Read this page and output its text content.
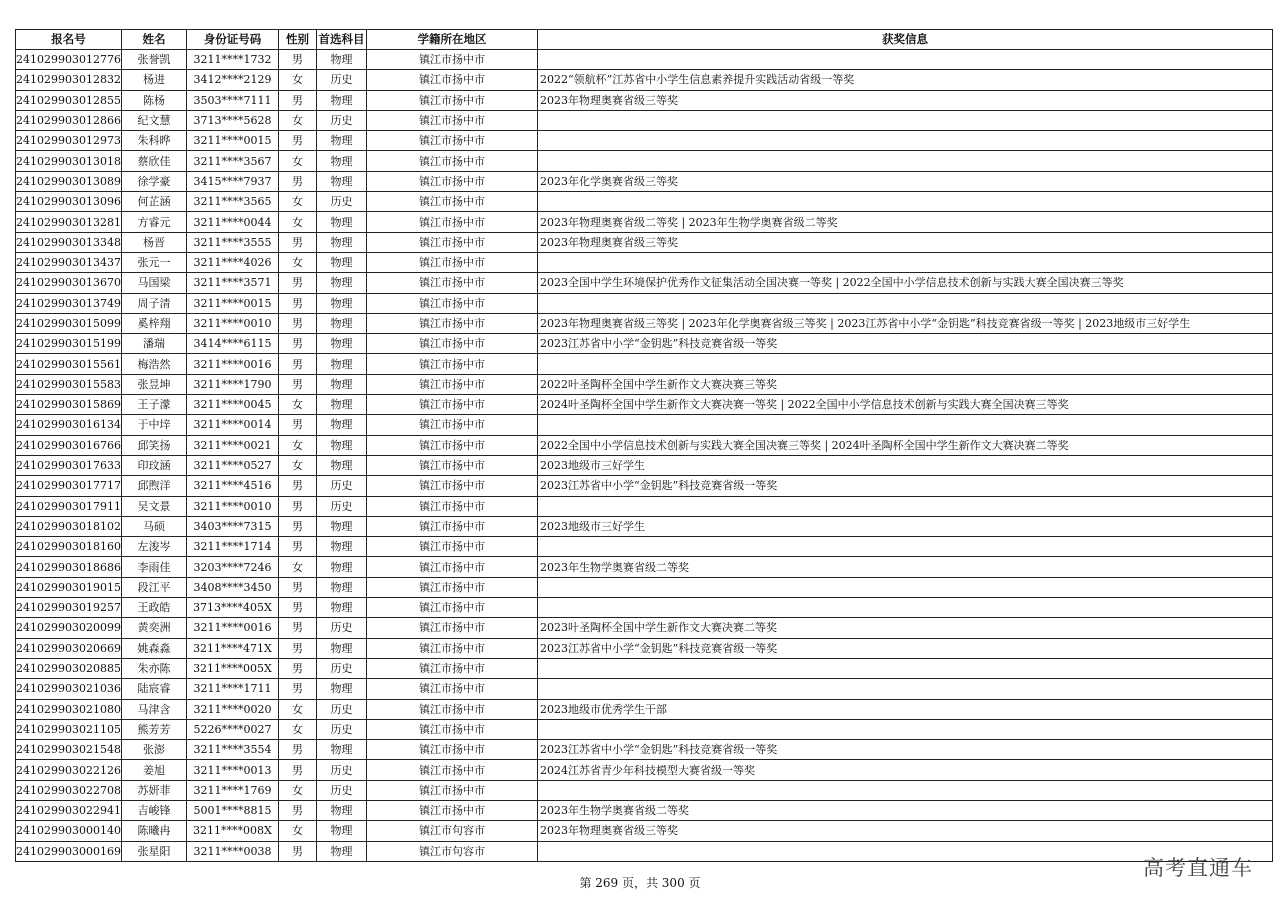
报名号	姓名	身份证号码	性别	首选科目	学籍所在地区	获奖信息
241029903012776	张誉凯	3211****1732	男	物理	镇江市扬中市	
241029903012832	杨进	3412****2129	女	历史	镇江市扬中市	2022“领航杯”江苏省中小学生信息素养提升实践活动省级一等奖
241029903012855	陈杨	3503****7111	男	物理	镇江市扬中市	2023年物理奥赛省级三等奖
241029903012866	纪文慧	3713****5628	女	历史	镇江市扬中市	
241029903012973	朱科晔	3211****0015	男	物理	镇江市扬中市	
241029903013018	蔡欣佳	3211****3567	女	物理	镇江市扬中市	
241029903013089	徐学豪	3415****7937	男	物理	镇江市扬中市	2023年化学奥赛省级三等奖
241029903013096	何芷涵	3211****3565	女	历史	镇江市扬中市	
241029903013281	方睿元	3211****0044	女	物理	镇江市扬中市	2023年物理奥赛省级二等奖 | 2023年生物学奥赛省级二等奖
241029903013348	杨晋	3211****3555	男	物理	镇江市扬中市	2023年物理奥赛省级三等奖
241029903013437	张元一	3211****4026	女	物理	镇江市扬中市	
241029903013670	马国梁	3211****3571	男	物理	镇江市扬中市	2023全国中学生环境保护优秀作文征集活动全国决赛一等奖 | 2022全国中小学信息技术创新与实践大赛全国决赛三等奖
241029903013749	周子清	3211****0015	男	物理	镇江市扬中市	
241029903015099	奚梓翔	3211****0010	男	物理	镇江市扬中市	2023年物理奥赛省级三等奖 | 2023年化学奥赛省级三等奖 | 2023江苏省中小学“金钥匙”科技竞赛省级一等奖 | 2023地级市三好学生
241029903015199	潘瑞	3414****6115	男	物理	镇江市扬中市	2023江苏省中小学“金钥匙”科技竞赛省级一等奖
241029903015561	梅浩然	3211****0016	男	物理	镇江市扬中市	
241029903015583	张昱坤	3211****1790	男	物理	镇江市扬中市	2022叶圣陶杯全国中学生新作文大赛决赛三等奖
241029903015869	王子濛	3211****0045	女	物理	镇江市扬中市	2024叶圣陶杯全国中学生新作文大赛决赛一等奖 | 2022全国中小学信息技术创新与实践大赛全国决赛三等奖
241029903016134	于中垶	3211****0014	男	物理	镇江市扬中市	
241029903016766	邱笑扬	3211****0021	女	物理	镇江市扬中市	2022全国中小学信息技术创新与实践大赛全国决赛三等奖 | 2024叶圣陶杯全国中学生新作文大赛决赛二等奖
241029903017633	印玟涵	3211****0527	女	物理	镇江市扬中市	2023地级市三好学生
241029903017717	邱煦洋	3211****4516	男	历史	镇江市扬中市	2023江苏省中小学“金钥匙”科技竞赛省级一等奖
241029903017911	吴文景	3211****0010	男	历史	镇江市扬中市	
241029903018102	马硕	3403****7315	男	物理	镇江市扬中市	2023地级市三好学生
241029903018160	左浚岑	3211****1714	男	物理	镇江市扬中市	
241029903018686	李雨佳	3203****7246	女	物理	镇江市扬中市	2023年生物学奥赛省级二等奖
241029903019015	段江平	3408****3450	男	物理	镇江市扬中市	
241029903019257	王政皓	3713****405X	男	物理	镇江市扬中市	
241029903020099	黄奕洲	3211****0016	男	历史	镇江市扬中市	2023叶圣陶杯全国中学生新作文大赛决赛二等奖
241029903020669	姚森淼	3211****471X	男	物理	镇江市扬中市	2023江苏省中小学“金钥匙”科技竞赛省级一等奖
241029903020885	朱亦陈	3211****005X	男	历史	镇江市扬中市	
241029903021036	陆宸睿	3211****1711	男	物理	镇江市扬中市	
241029903021080	马津含	3211****0020	女	历史	镇江市扬中市	2023地级市优秀学生干部
241029903021105	熊芳芳	5226****0027	女	历史	镇江市扬中市	
241029903021548	张澎	3211****3554	男	物理	镇江市扬中市	2023江苏省中小学“金钥匙”科技竞赛省级一等奖
241029903022126	姜旭	3211****0013	男	历史	镇江市扬中市	2024江苏省青少年科技模型大赛省级一等奖
241029903022708	苏妍菲	3211****1769	女	历史	镇江市扬中市	
241029903022941	吉峻锋	5001****8815	男	物理	镇江市扬中市	2023年生物学奥赛省级二等奖
241029903000140	陈曦冉	3211****008X	女	物理	镇江市句容市	2023年物理奥赛省级三等奖
241029903000169	张星阳	3211****0038	男	物理	镇江市句容市	
第 269 页，共 300 页
高考直通车
